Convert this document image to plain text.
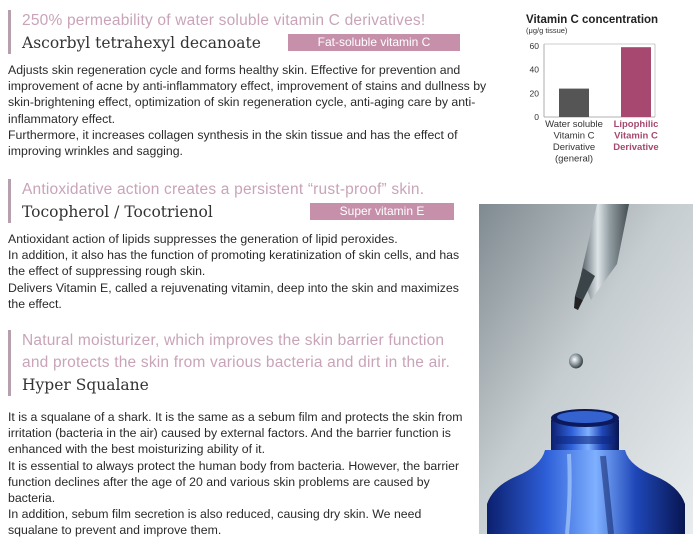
250% permeability of water soluble vitamin C derivatives!
Ascorbyl tetrahexyl decanoate	Fat-soluble vitamin C derivative

Adjusts skin regeneration cycle and forms healthy skin. Effective for prevention and improvement of acne by anti-inflammatory effect, improvement of stains and dullness by skin-brightening effect, optimization of skin regeneration cycle, anti-aging care by anti-inflammatory effect.

Furthermore, it increases collagen synthesis in the skin tissue and has the effect of improving wrinkles and sagging.

Antioxidative action creates a persistent “rust-proof” skin.
Tocopherol / Tocotrienol	Super vitamin E

Antioxidant action of lipids suppresses the generation of lipid peroxides.

In addition, it also has the function of promoting keratinization of skin cells, and has the effect of suppressing rough skin.

Delivers Vitamin E, called a rejuvenating vitamin, deep into the skin and maximizes the effect.

Natural moisturizer, which improves the skin barrier function
and protects the skin from various bacteria and dirt in the air.
Hyper Squalane

It is a squalane of a shark. It is the same as a sebum film and protects the skin from irritation (bacteria in the air) caused by external factors. And the barrier function is enhanced with the best moisturizing ability of it.

It is essential to always protect the human body from bacteria. However, the barrier function declines after the age of 20 and various skin problems are caused by bacteria.

In addition, sebum film secretion is also reduced, causing dry skin. We need squalane to prevent and improve them.

Vitamin C concentration
(μg/g tissue)
0
20
40
60
Water soluble
Vitamin C
Derivative
(general)
Lipophilic
Vitamin C
Derivative
